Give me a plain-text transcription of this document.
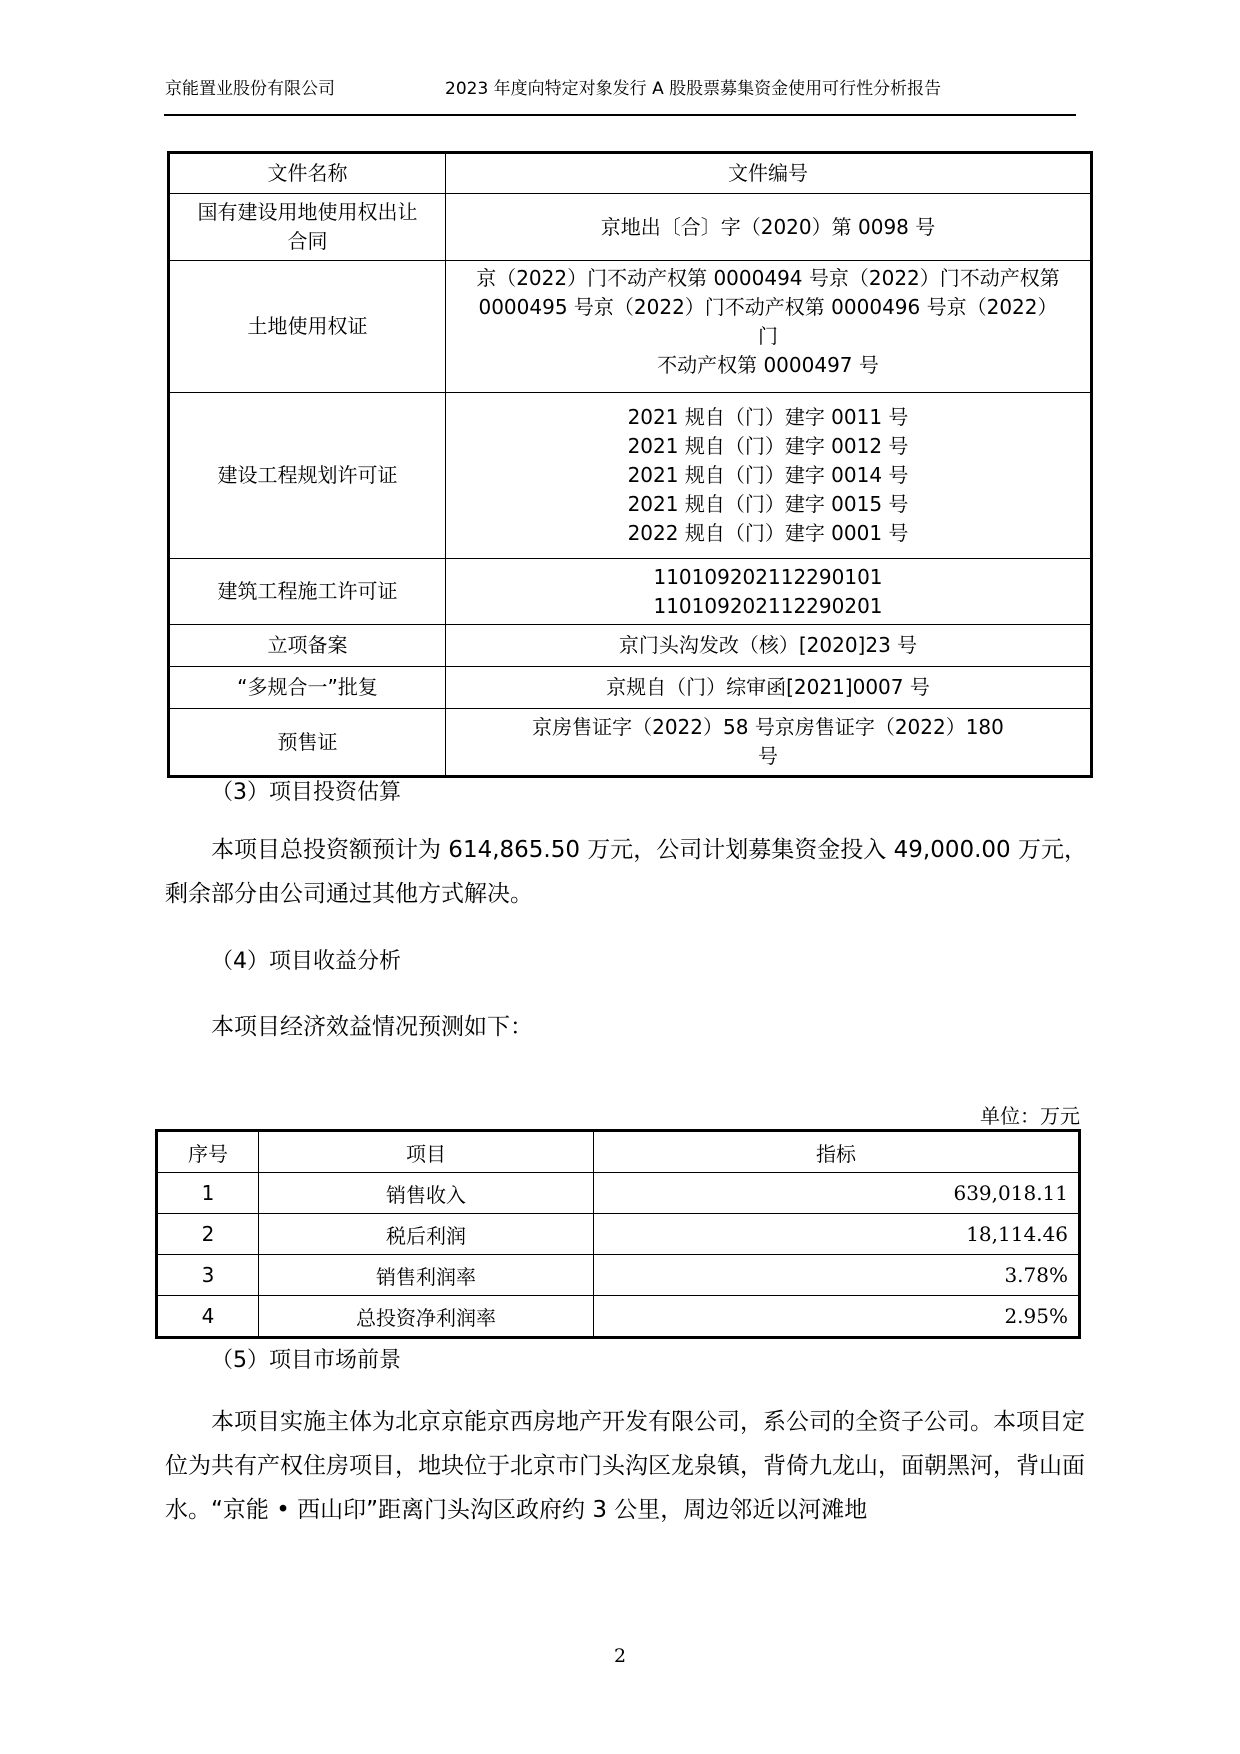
京能置业股份有限公司	2023 年度向特定对象发行 A 股股票募集资金使用可行性分析报告
文件名称	文件编号

国有建设用地使用权出让
合同	京地出〔合〕字（2020）第 0098 号

土地使用权证	京（2022）门不动产权第 0000494 号京（2022）门不动产权第
0000495 号京（2022）门不动产权第 0000496 号京（2022）门
不动产权第 0000497 号

建设工程规划许可证	2021 规自（门）建字 0011 号
2021 规自（门）建字 0012 号
2021 规自（门）建字 0014 号
2021 规自（门）建字 0015 号
2022 规自（门）建字 0001 号

建筑工程施工许可证	110109202112290101
110109202112290201

立项备案	京门头沟发改（核）[2020]23 号

“多规合一”批复	京规自（门）综审函[2021]0007 号

预售证	京房售证字（2022）58 号京房售证字（2022）180
号
（3）项目投资估算
本项目总投资额预计为 614,865.50 万元，公司计划募集资金投入 49,000.00 万元，剩余部分由公司通过其他方式解决。
（4）项目收益分析
本项目经济效益情况预测如下：
单位：万元
序号	项目	指标
1	销售收入	639,018.11
2	税后利润	18,114.46
3	销售利润率	3.78%
4	总投资净利润率	2.95%
（5）项目市场前景
本项目实施主体为北京京能京西房地产开发有限公司，系公司的全资子公司。本项目定位为共有产权住房项目，地块位于北京市门头沟区龙泉镇，背倚九龙山，面朝黑河，背山面水。“京能 • 西山印”距离门头沟区政府约 3 公里，周边邻近以河滩地
2
